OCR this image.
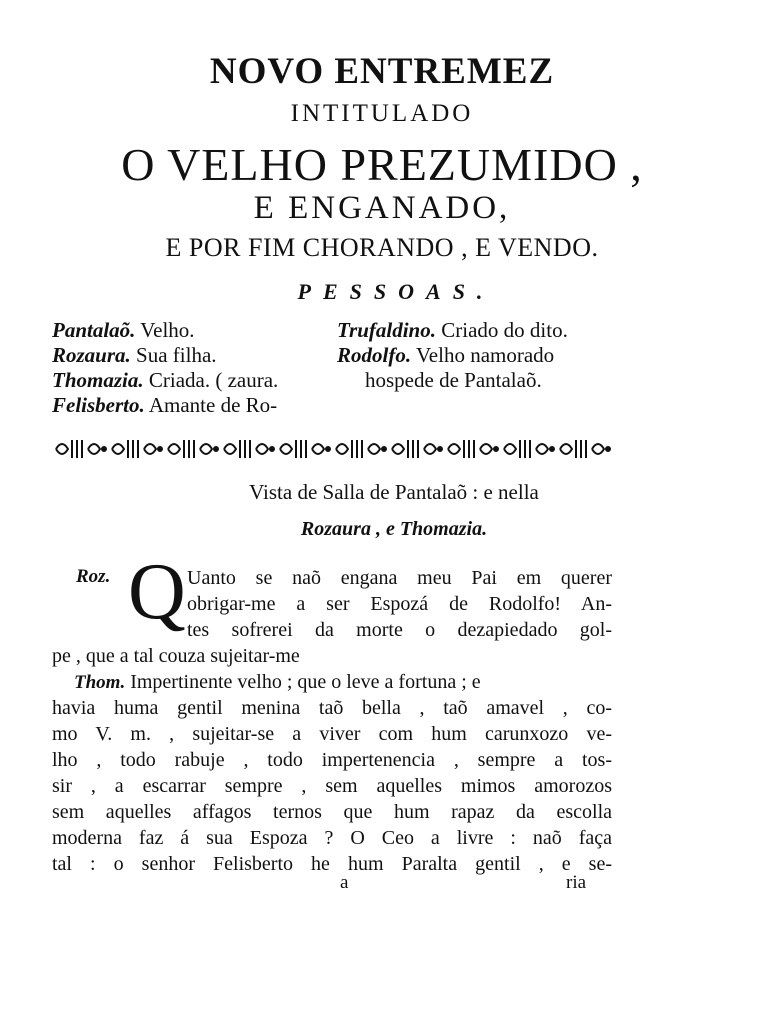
NOVO ENTREMEZ
INTITULADO
O VELHO PREZUMIDO ,
E ENGANADO,
E POR FIM CHORANDO , E VENDO.
PESSOAS.
Pantalaõ. Velho.
Rozaura. Sua filha.
Thomazia. Criada. ( zaura.
Felisberto. Amante de Ro-
Trufaldino. Criado do dito.
Rodolfo. Velho namorado
hospede de Pantalaõ.
Vista de Salla de Pantalaõ : e nella
Rozaura , e Thomazia.
Roz. Q Uanto se naõ engana meu Pai em querer
obrigar-me a ser Espozá de Rodolfo! An-
tes sofrerei da morte o dezapiedado gol-
pe , que a tal couza sujeitar-me
Thom. Impertinente velho ; que o leve a fortuna ; e
havia huma gentil menina taõ bella , taõ amavel , co-
mo V. m. , sujeitar-se a viver com hum carunxozo ve-
lho , todo rabuje , todo impertenencia , sempre a tos-
sir , a escarrar sempre , sem aquelles mimos amorozos
sem aquelles affagos ternos que hum rapaz da escolla
moderna faz á sua Espoza ? O Ceo a livre : naõ faça
tal : o senhor Felisberto he hum Paralta gentil , e se-
a	ria
